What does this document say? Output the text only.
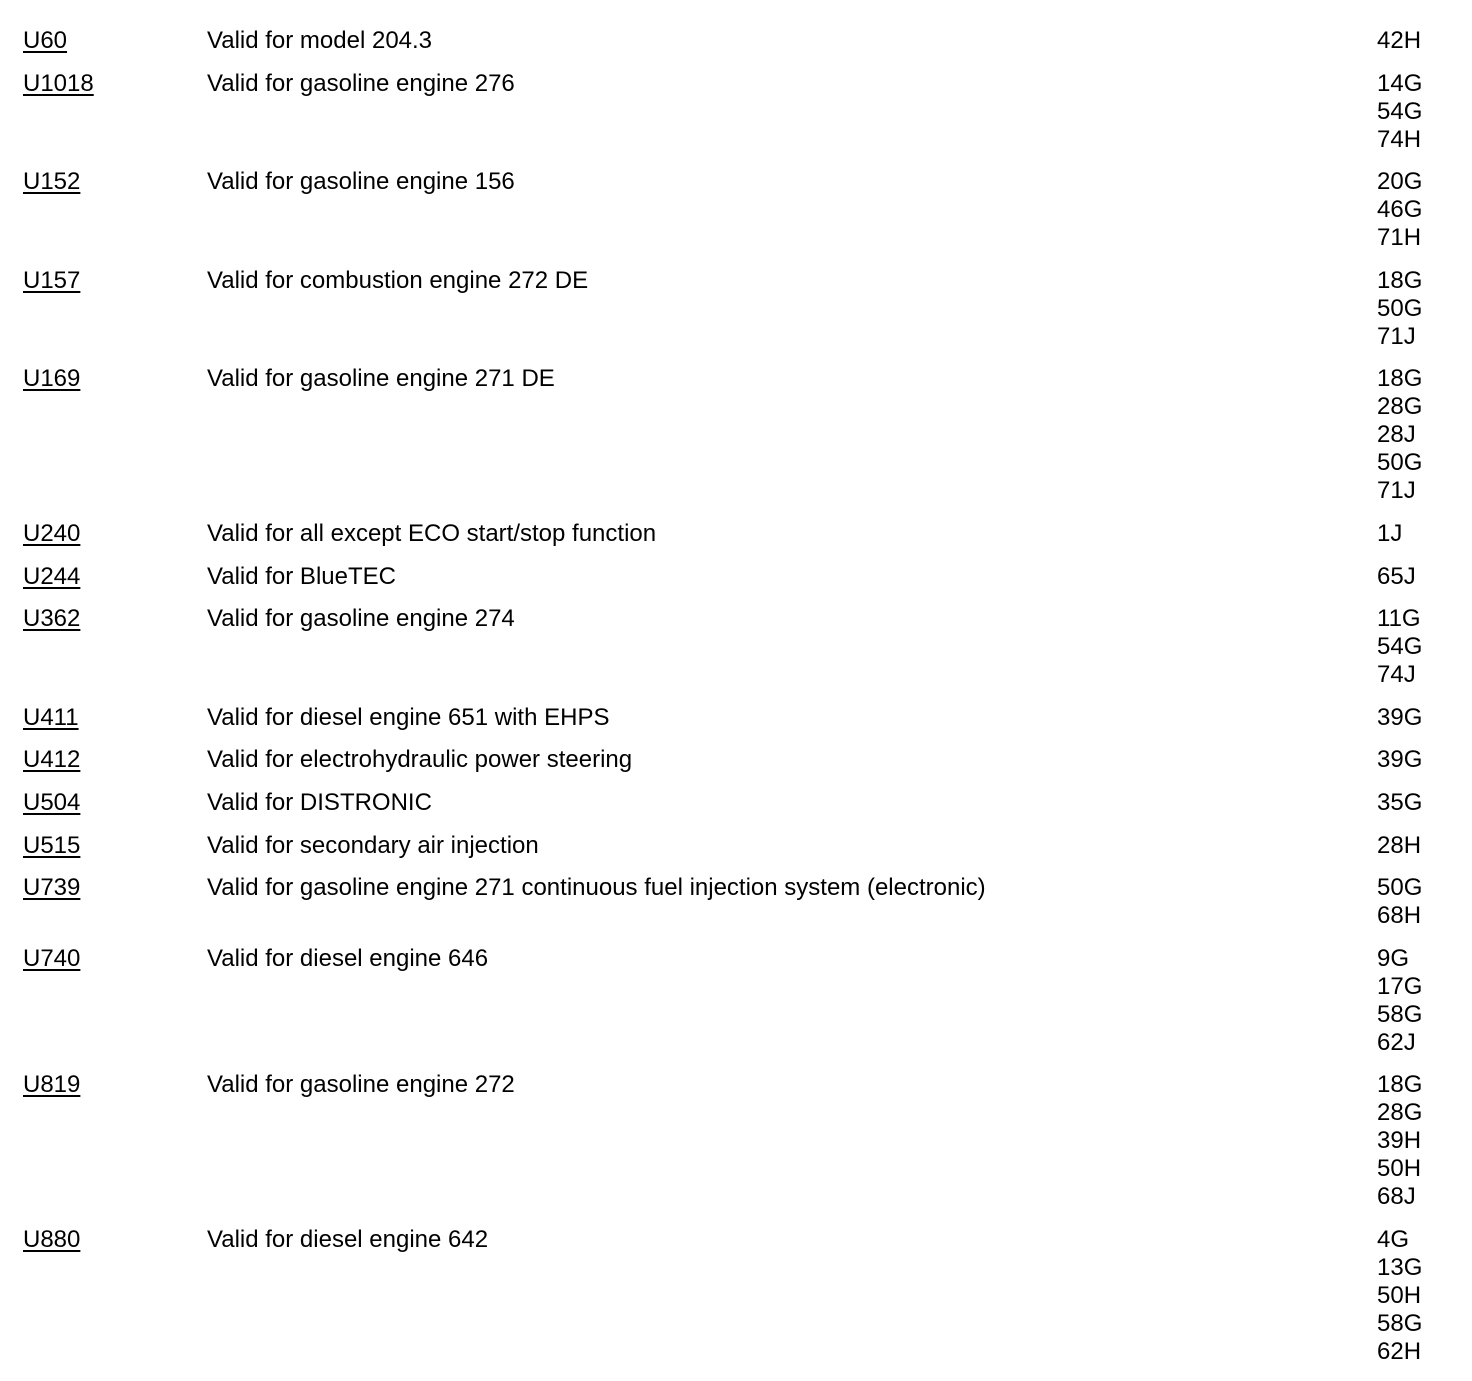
U60	Valid for model 204.3	42H
U1018	Valid for gasoline engine 276	14G
54G
74H
U152	Valid for gasoline engine 156	20G
46G
71H
U157	Valid for combustion engine 272 DE	18G
50G
71J
U169	Valid for gasoline engine 271 DE	18G
28G
28J
50G
71J
U240	Valid for all except ECO start/stop function	1J
U244	Valid for BlueTEC	65J
U362	Valid for gasoline engine 274	11G
54G
74J
U411	Valid for diesel engine 651 with EHPS	39G
U412	Valid for electrohydraulic power steering	39G
U504	Valid for DISTRONIC	35G
U515	Valid for secondary air injection	28H
U739	Valid for gasoline engine 271 continuous fuel injection system (electronic)	50G
68H
U740	Valid for diesel engine 646	9G
17G
58G
62J
U819	Valid for gasoline engine 272	18G
28G
39H
50H
68J
U880	Valid for diesel engine 642	4G
13G
50H
58G
62H
